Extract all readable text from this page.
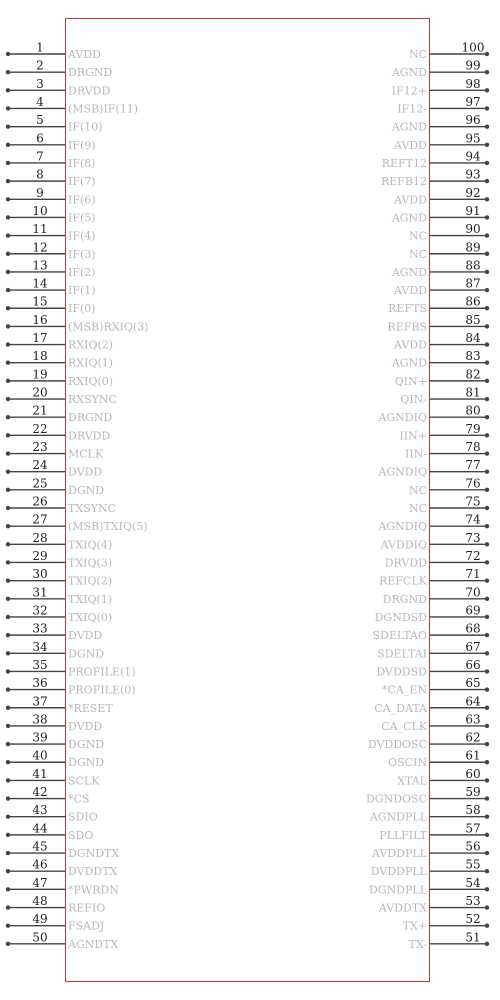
1 AVDD
2 DRGND
3 DRVDD
4 (MSB)IF(11)
5 IF(10)
6 IF(9)
7 IF(8)
8 IF(7)
9 IF(6)
10 IF(5)
11 IF(4)
12
IF(3)
13 IF(2)
14 IF(1)
15 IF(0)
16 (MSB)RXIQ(3)
17 RXIQ(2)
18 RXIQ(1)
19 RXIQ(0)
20 RXSYNC
21 DRGND
22 DRVDD
23 MCLK
24 DVDD
25 DGND
26 TXSYNC
27 (MSB)TXIQ(5)
28 TXIQ(4)
29 TXIQ(3)
30 TXIQ(2)
31 TXIQ(1)
32 TXIQ(0)
33 DVDD
34 DGND
35 PROFILE(1)
36 PROFILE(0)
37 *RESET
38 DVDD
39 DGND
40 DGND
41 SCLK
42 *CS
43 SDIO
44 SDO
45 DGNDTX
46 DVDDTX
47 *PWRDN
48 REFIO
49 FSADJ
50 AGNDTX
100
NC
99
AGND
98
IF12+
97
IF12-
96
AGND
95
AVDD
94
REFT12
93
REFB12
92
AVDD
91
AGND
90
NC
89
NC
88
AGND
87
AVDD
86
REFTS
85
REFBS
84
AVDD
83
AGND
82
QIN+
81
QIN-
80
AGNDIQ
79
IIN+
78
IIN-
77
AGNDIQ
76
NC
75
NC
74
AGNDIQ
73
AVDDIQ
72
DRVDD
71
REFCLK
70
DRGND
69
DGNDSD
68
SDELTAO
67
SDELTAI
66
DVDDSD
65
*CA_EN
64
CA_DATA
63
CA_CLK
62
DVDDOSC
61
OSCIN
60
XTAL
59
DGNDOSC
58
AGNDPLL
57
PLLFILT
56
AVDDPLL
55
DVDDPLL
54
DGNDPLL
53
AVDDTX
52
TX+
51
TX-
